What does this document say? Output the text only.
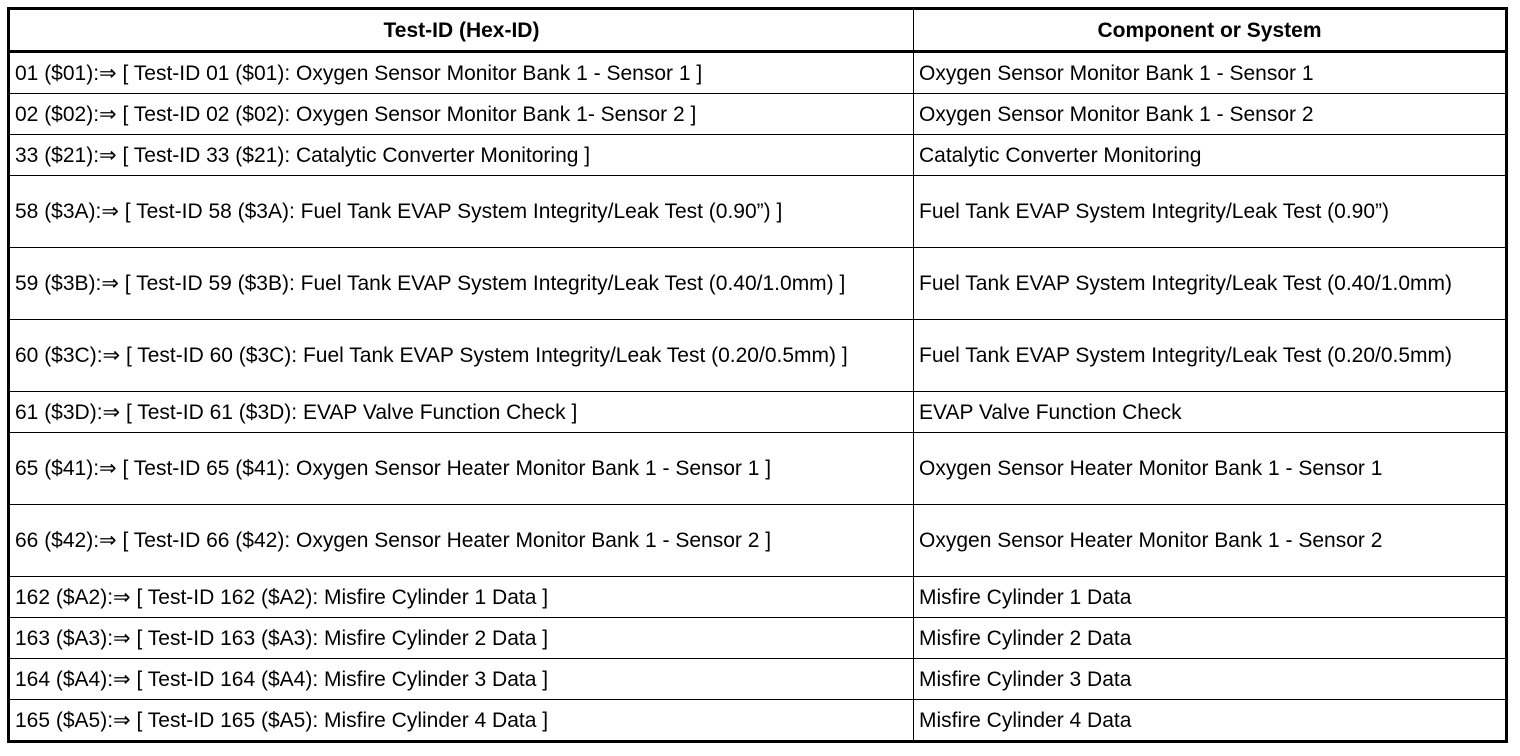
Test-ID (Hex-ID)	Component or System
01 ($01):⇒ [ Test-ID 01 ($01): Oxygen Sensor Monitor Bank 1 - Sensor 1 ]	Oxygen Sensor Monitor Bank 1 - Sensor 1
02 ($02):⇒ [ Test-ID 02 ($02): Oxygen Sensor Monitor Bank 1- Sensor 2 ]	Oxygen Sensor Monitor Bank 1 - Sensor 2
33 ($21):⇒ [ Test-ID 33 ($21): Catalytic Converter Monitoring ]	Catalytic Converter Monitoring
58 ($3A):⇒ [ Test-ID 58 ($3A): Fuel Tank EVAP System Integrity/Leak Test (0.90”) ]	Fuel Tank EVAP System Integrity/Leak Test (0.90”)
59 ($3B):⇒ [ Test-ID 59 ($3B): Fuel Tank EVAP System Integrity/Leak Test (0.40/1.0mm) ]	Fuel Tank EVAP System Integrity/Leak Test (0.40/1.0mm)
60 ($3C):⇒ [ Test-ID 60 ($3C): Fuel Tank EVAP System Integrity/Leak Test (0.20/0.5mm) ]	Fuel Tank EVAP System Integrity/Leak Test (0.20/0.5mm)
61 ($3D):⇒ [ Test-ID 61 ($3D): EVAP Valve Function Check ]	EVAP Valve Function Check
65 ($41):⇒ [ Test-ID 65 ($41): Oxygen Sensor Heater Monitor Bank 1 - Sensor 1 ]	Oxygen Sensor Heater Monitor Bank 1 - Sensor 1
66 ($42):⇒ [ Test-ID 66 ($42): Oxygen Sensor Heater Monitor Bank 1 - Sensor 2 ]	Oxygen Sensor Heater Monitor Bank 1 - Sensor 2
162 ($A2):⇒ [ Test-ID 162 ($A2): Misfire Cylinder 1 Data ]	Misfire Cylinder 1 Data
163 ($A3):⇒ [ Test-ID 163 ($A3): Misfire Cylinder 2 Data ]	Misfire Cylinder 2 Data
164 ($A4):⇒ [ Test-ID 164 ($A4): Misfire Cylinder 3 Data ]	Misfire Cylinder 3 Data
165 ($A5):⇒ [ Test-ID 165 ($A5): Misfire Cylinder 4 Data ]	Misfire Cylinder 4 Data
